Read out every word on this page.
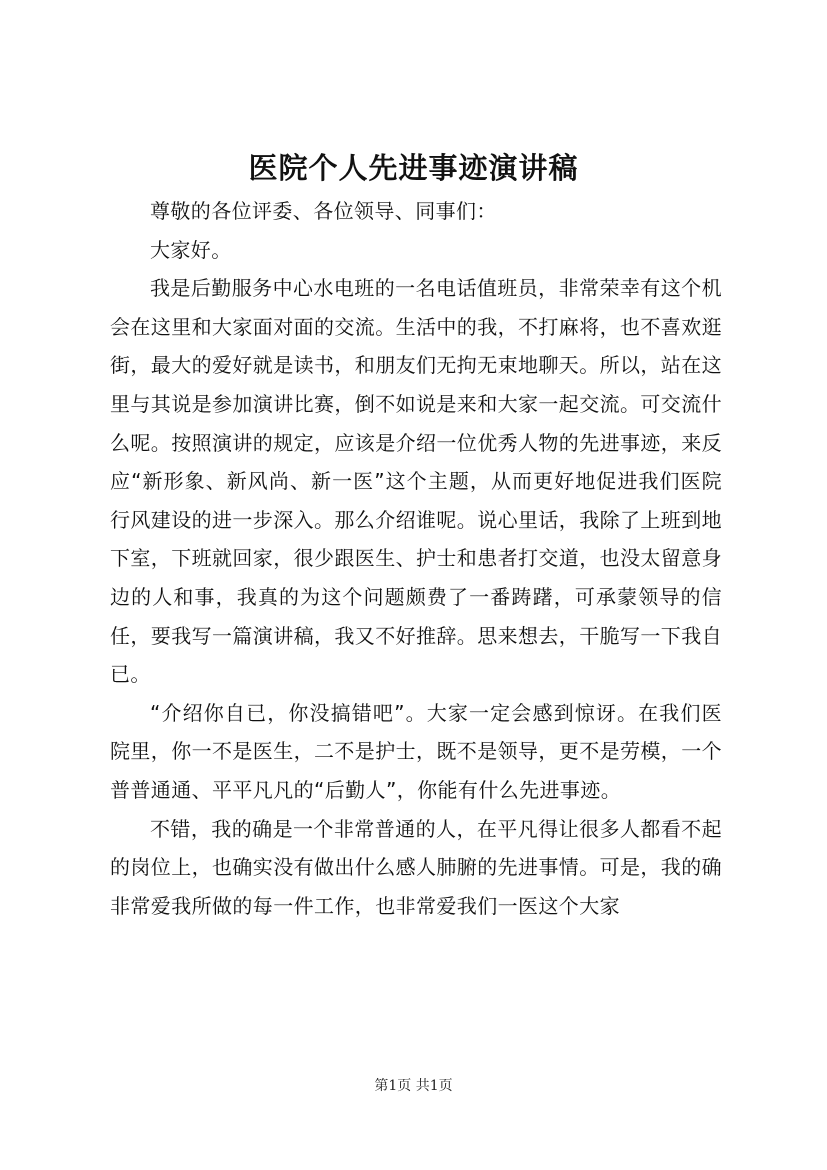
医院个人先进事迹演讲稿

尊敬的各位评委、各位领导、同事们：

大家好。

我是后勤服务中心水电班的一名电话值班员，非常荣幸有这个机会在这里和大家面对面的交流。生活中的我，不打麻将，也不喜欢逛街，最大的爱好就是读书，和朋友们无拘无束地聊天。所以，站在这里与其说是参加演讲比赛，倒不如说是来和大家一起交流。可交流什么呢。按照演讲的规定，应该是介绍一位优秀人物的先进事迹，来反应“新形象、新风尚、新一医”这个主题，从而更好地促进我们医院行风建设的进一步深入。那么介绍谁呢。说心里话，我除了上班到地下室，下班就回家，很少跟医生、护士和患者打交道，也没太留意身边的人和事，我真的为这个问题颇费了一番踌躇，可承蒙领导的信任，要我写一篇演讲稿，我又不好推辞。思来想去，干脆写一下我自已。

“介绍你自已，你没搞错吧”。大家一定会感到惊讶。在我们医院里，你一不是医生，二不是护士，既不是领导，更不是劳模，一个普普通通、平平凡凡的“后勤人”，你能有什么先进事迹。

不错，我的确是一个非常普通的人，在平凡得让很多人都看不起的岗位上，也确实没有做出什么感人肺腑的先进事情。可是，我的确非常爱我所做的每一件工作，也非常爱我们一医这个大家

第1页 共1页
